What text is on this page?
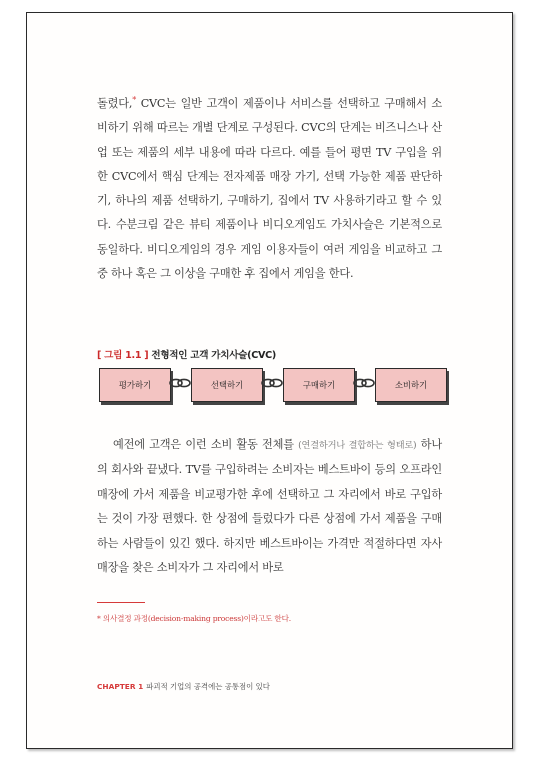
돌렸다,* CVC는 일반 고객이 제품이나 서비스를 선택하고 구매해서 소비하기 위해 따르는 개별 단계로 구성된다. CVC의 단계는 비즈니스나 산업 또는 제품의 세부 내용에 따라 다르다. 예를 들어 평면 TV 구입을 위한 CVC에서 핵심 단계는 전자제품 매장 가기, 선택 가능한 제품 판단하기, 하나의 제품 선택하기, 구매하기, 집에서 TV 사용하기라고 할 수 있다. 수분크림 같은 뷰티 제품이나 비디오게임도 가치사슬은 기본적으로 동일하다. 비디오게임의 경우 게임 이용자들이 여러 게임을 비교하고 그중 하나 혹은 그 이상을 구매한 후 집에서 게임을 한다.

[ 그림 1.1 ] 전형적인 고객 가치사슬(CVC)

평가하기	선택하기	구매하기	소비하기

예전에 고객은 이런 소비 활동 전체를 (연결하거나 결합하는 형태로) 하나의 회사와 끝냈다. TV를 구입하려는 소비자는 베스트바이 등의 오프라인 매장에 가서 제품을 비교평가한 후에 선택하고 그 자리에서 바로 구입하는 것이 가장 편했다. 한 상점에 들렀다가 다른 상점에 가서 제품을 구매하는 사람들이 있긴 했다. 하지만 베스트바이는 가격만 적절하다면 자사 매장을 찾은 소비자가 그 자리에서 바로

* 의사결정 과정(decision-making process)이라고도 한다.

CHAPTER 1 파괴적 기업의 공격에는 공통점이 있다
